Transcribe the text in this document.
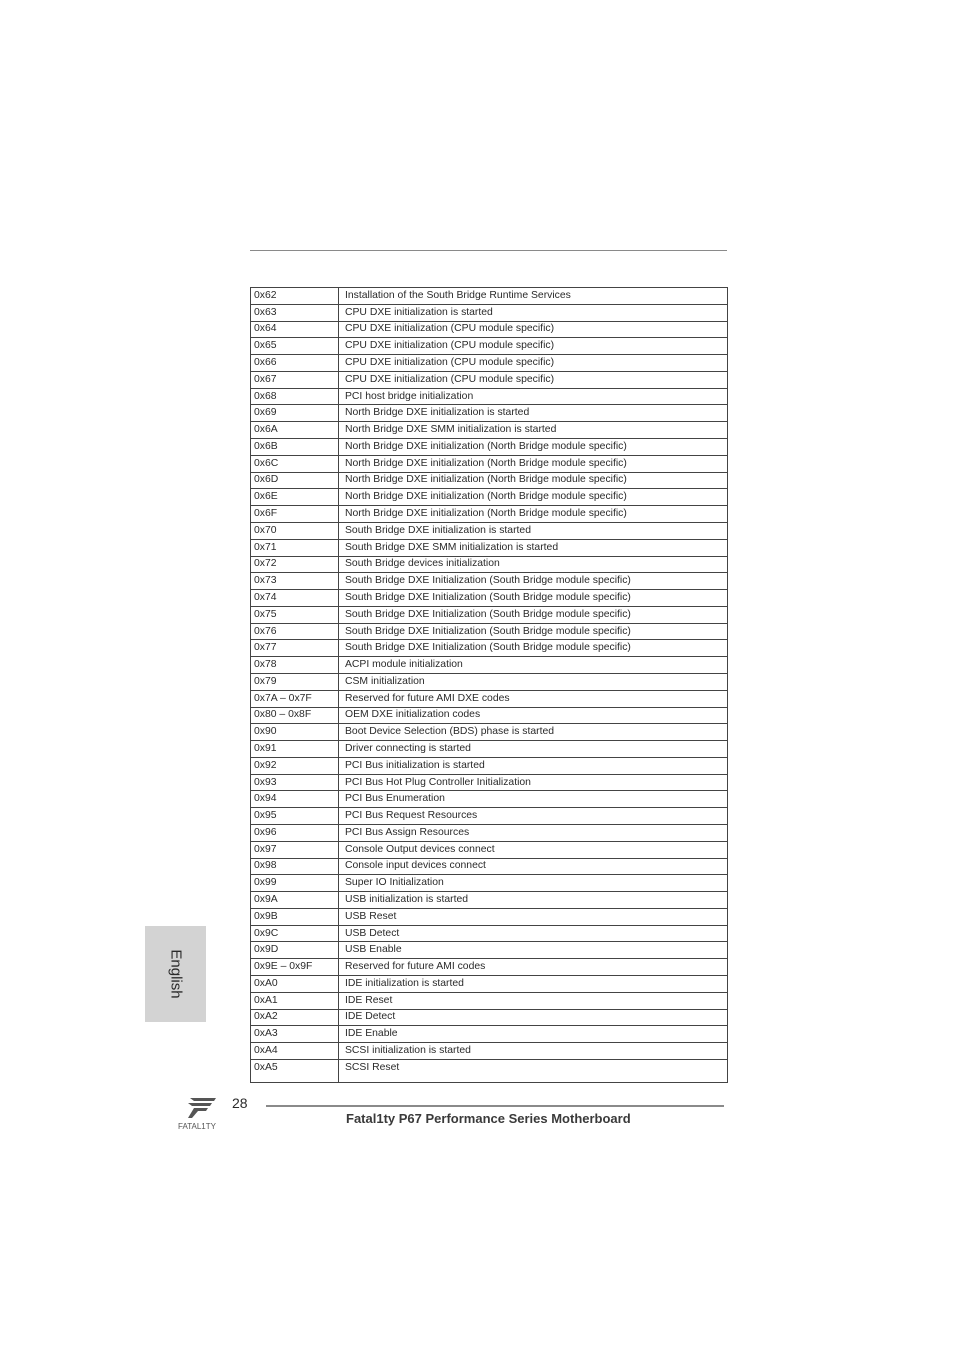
0x62	Installation of the South Bridge Runtime Services
0x63	CPU DXE initialization is started
0x64	CPU DXE initialization (CPU module specific)
0x65	CPU DXE initialization (CPU module specific)
0x66	CPU DXE initialization (CPU module specific)
0x67	CPU DXE initialization (CPU module specific)
0x68	PCI host bridge initialization
0x69	North Bridge DXE initialization is started
0x6A	North Bridge DXE SMM initialization is started
0x6B	North Bridge DXE initialization (North Bridge module specific)
0x6C	North Bridge DXE initialization (North Bridge module specific)
0x6D	North Bridge DXE initialization (North Bridge module specific)
0x6E	North Bridge DXE initialization (North Bridge module specific)
0x6F	North Bridge DXE initialization (North Bridge module specific)
0x70	South Bridge DXE initialization is started
0x71	South Bridge DXE SMM initialization is started
0x72	South Bridge devices initialization
0x73	South Bridge DXE Initialization (South Bridge module specific)
0x74	South Bridge DXE Initialization (South Bridge module specific)
0x75	South Bridge DXE Initialization (South Bridge module specific)
0x76	South Bridge DXE Initialization (South Bridge module specific)
0x77	South Bridge DXE Initialization (South Bridge module specific)
0x78	ACPI module initialization
0x79	CSM initialization
0x7A – 0x7F	Reserved for future AMI DXE codes
0x80 – 0x8F	OEM DXE initialization codes
0x90	Boot Device Selection (BDS) phase is started
0x91	Driver connecting is started
0x92	PCI Bus initialization is started
0x93	PCI Bus Hot Plug Controller Initialization
0x94	PCI Bus Enumeration
0x95	PCI Bus Request Resources
0x96	PCI Bus Assign Resources
0x97	Console Output devices connect
0x98	Console input devices connect
0x99	Super IO Initialization
0x9A	USB initialization is started
0x9B	USB Reset
0x9C	USB Detect
0x9D	USB Enable
0x9E – 0x9F	Reserved for future AMI codes
0xA0	IDE initialization is started
0xA1	IDE Reset
0xA2	IDE Detect
0xA3	IDE Enable
0xA4	SCSI initialization is started
0xA5	SCSI Reset
English
FATAL1TY
28
Fatal1ty P67 Performance Series Motherboard
